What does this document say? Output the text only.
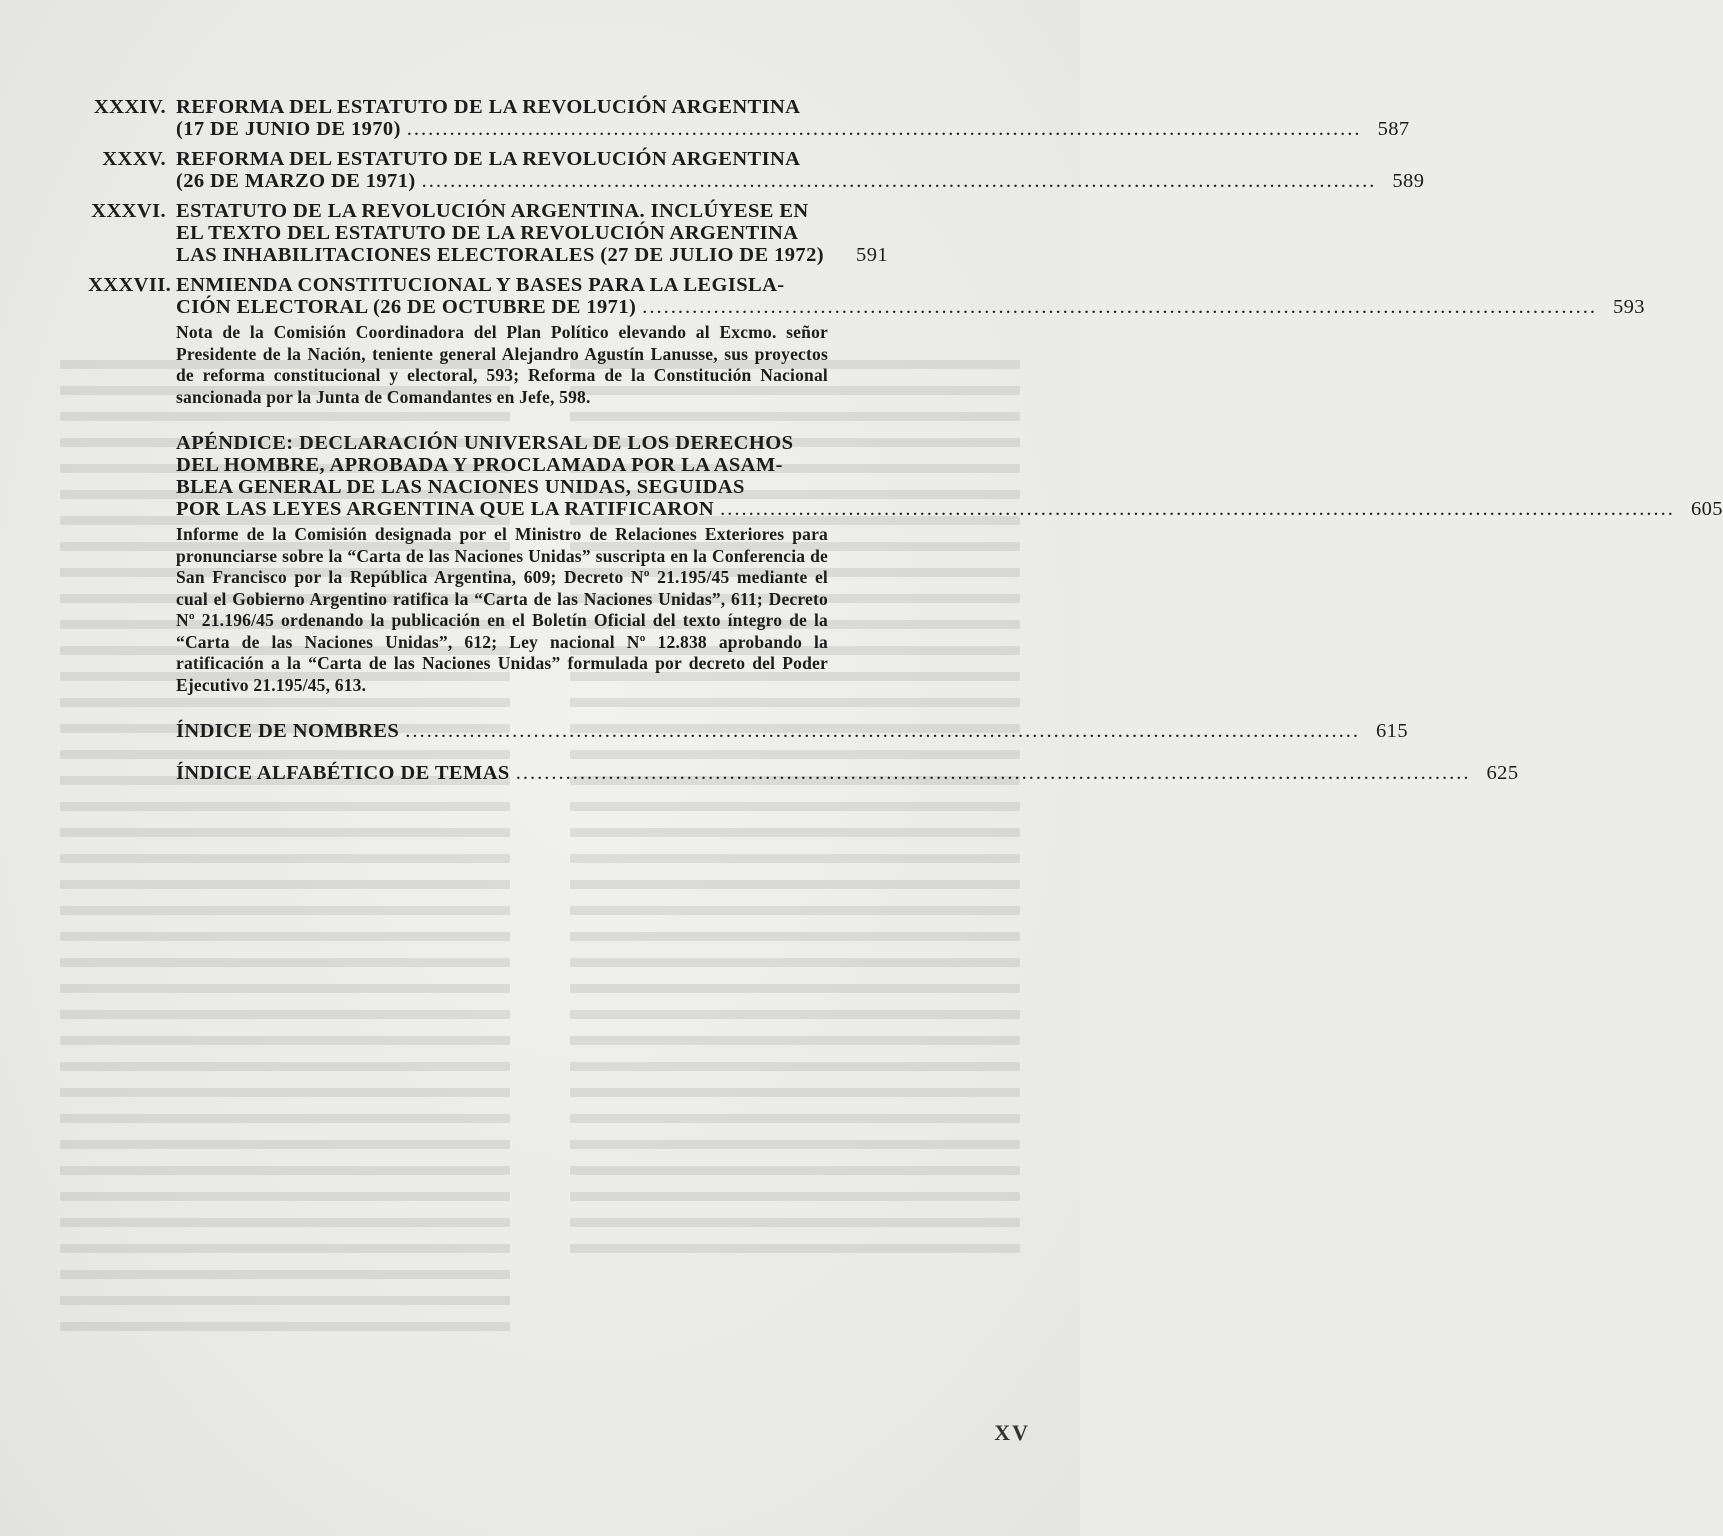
XXXIV. REFORMA DEL ESTATUTO DE LA REVOLUCIÓN ARGENTINA
(17 DE JUNIO DE 1970) .....	587
XXXV. REFORMA DEL ESTATUTO DE LA REVOLUCIÓN ARGENTINA
(26 DE MARZO DE 1971) .....	589
XXXVI. ESTATUTO DE LA REVOLUCIÓN ARGENTINA. INCLÚYESE EN
EL TEXTO DEL ESTATUTO DE LA REVOLUCIÓN ARGENTINA
LAS INHABILITACIONES ELECTORALES (27 DE JULIO DE 1972)	591
XXXVII. ENMIENDA CONSTITUCIONAL Y BASES PARA LA LEGISLA-
CIÓN ELECTORAL (26 DE OCTUBRE DE 1971) .....	593
Nota de la Comisión Coordinadora del Plan Político elevando al Excmo. señor Presidente de la Nación, teniente general Alejandro Agustín Lanusse, sus proyectos de reforma constitucional y electoral, 593; Reforma de la Constitución Nacional sancionada por la Junta de Comandantes en Jefe, 598.
APÉNDICE: DECLARACIÓN UNIVERSAL DE LOS DERECHOS
DEL HOMBRE, APROBADA Y PROCLAMADA POR LA ASAM-
BLEA GENERAL DE LAS NACIONES UNIDAS, SEGUIDAS
POR LAS LEYES ARGENTINA QUE LA RATIFICARON .....	605
Informe de la Comisión designada por el Ministro de Relaciones Exteriores para pronunciarse sobre la “Carta de las Naciones Unidas” suscripta en la Conferencia de San Francisco por la República Argentina, 609; Decreto Nº 21.195/45 mediante el cual el Gobierno Argentino ratifica la “Carta de las Naciones Unidas”, 611; Decreto Nº 21.196/45 ordenando la publicación en el Boletín Oficial del texto íntegro de la “Carta de las Naciones Unidas”, 612; Ley nacional Nº 12.838 aprobando la ratificación a la “Carta de las Naciones Unidas” formulada por decreto del Poder Ejecutivo 21.195/45, 613.
ÍNDICE DE NOMBRES .....	615
ÍNDICE ALFABÉTICO DE TEMAS .....	625
XV
